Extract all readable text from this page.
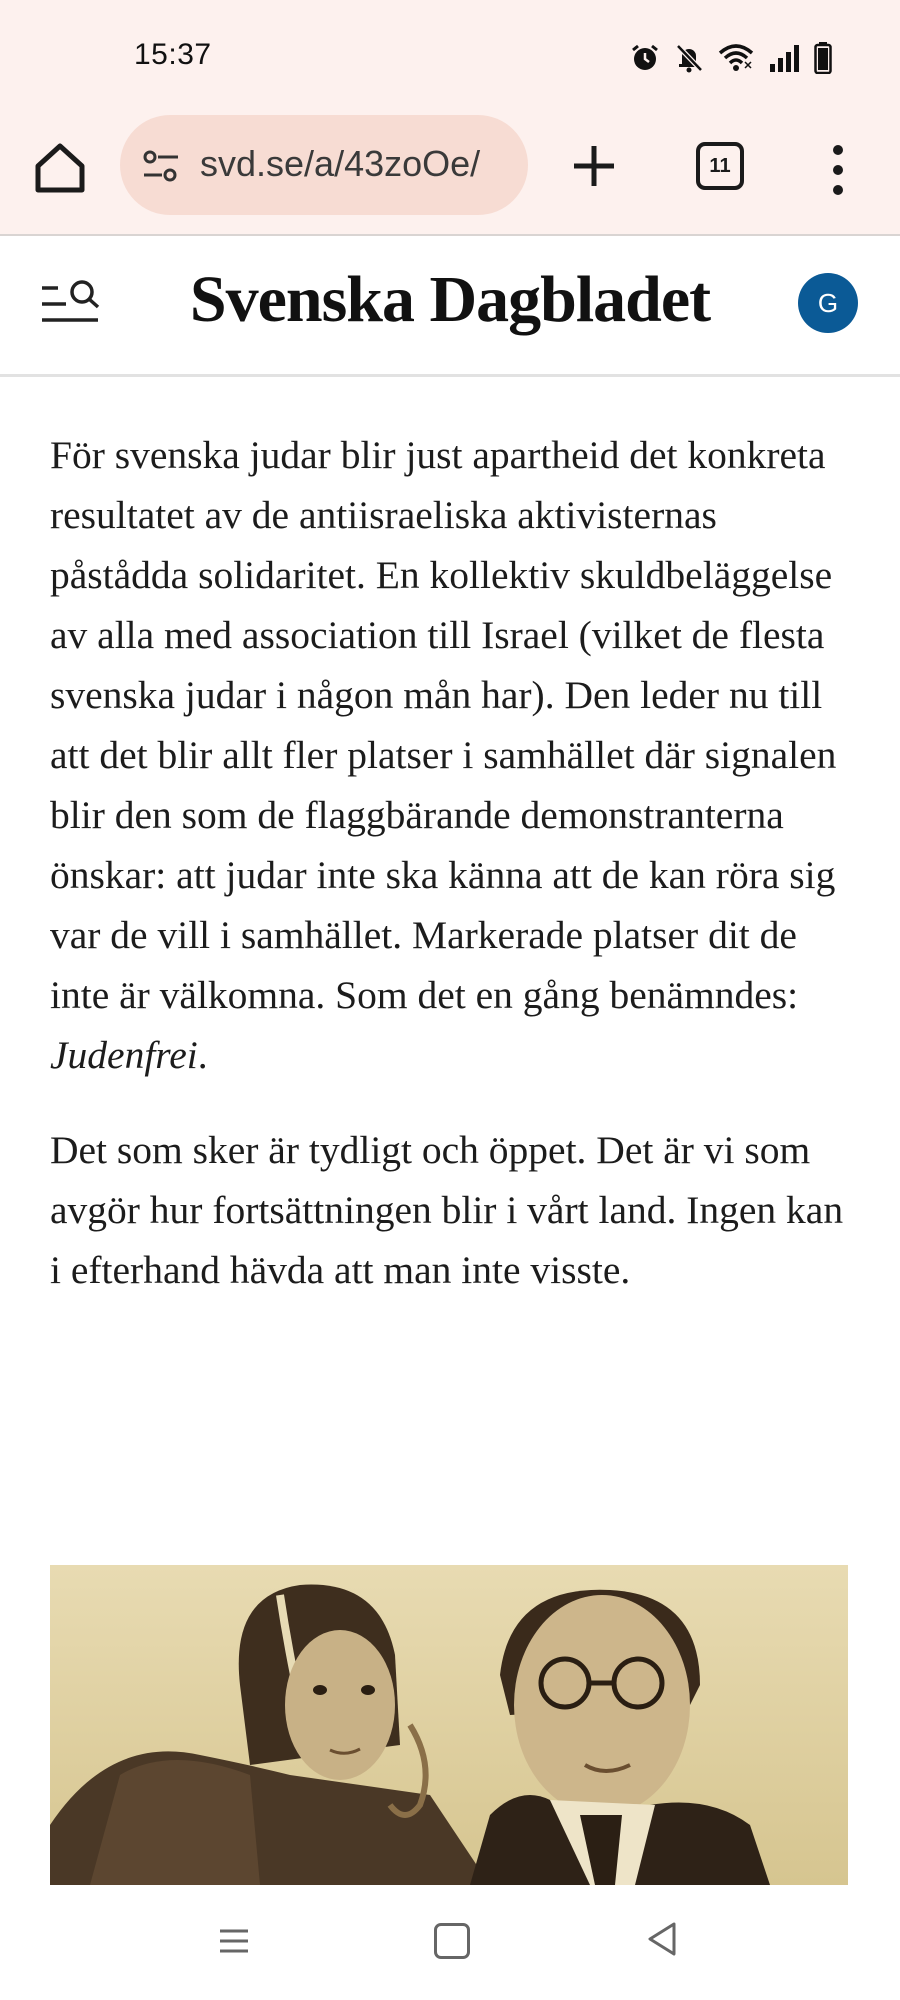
15:37
svd.se/a/43zoOe/	11
Svenska Dagbladet	G

För svenska judar blir just apartheid det konkreta resultatet av de antiisraeliska aktivisternas påstådda solidaritet. En kollektiv skuldbeläggelse av alla med association till Israel (vilket de flesta svenska judar i någon mån har). Den leder nu till att det blir allt fler platser i samhället där signalen blir den som de flaggbärande demonstranterna önskar: att judar inte ska känna att de kan röra sig var de vill i samhället. Markerade platser dit de inte är välkomna. Som det en gång benämndes: Judenfrei.

Det som sker är tydligt och öppet. Det är vi som avgör hur fortsättningen blir i vårt land. Ingen kan i efterhand hävda att man inte visste.
